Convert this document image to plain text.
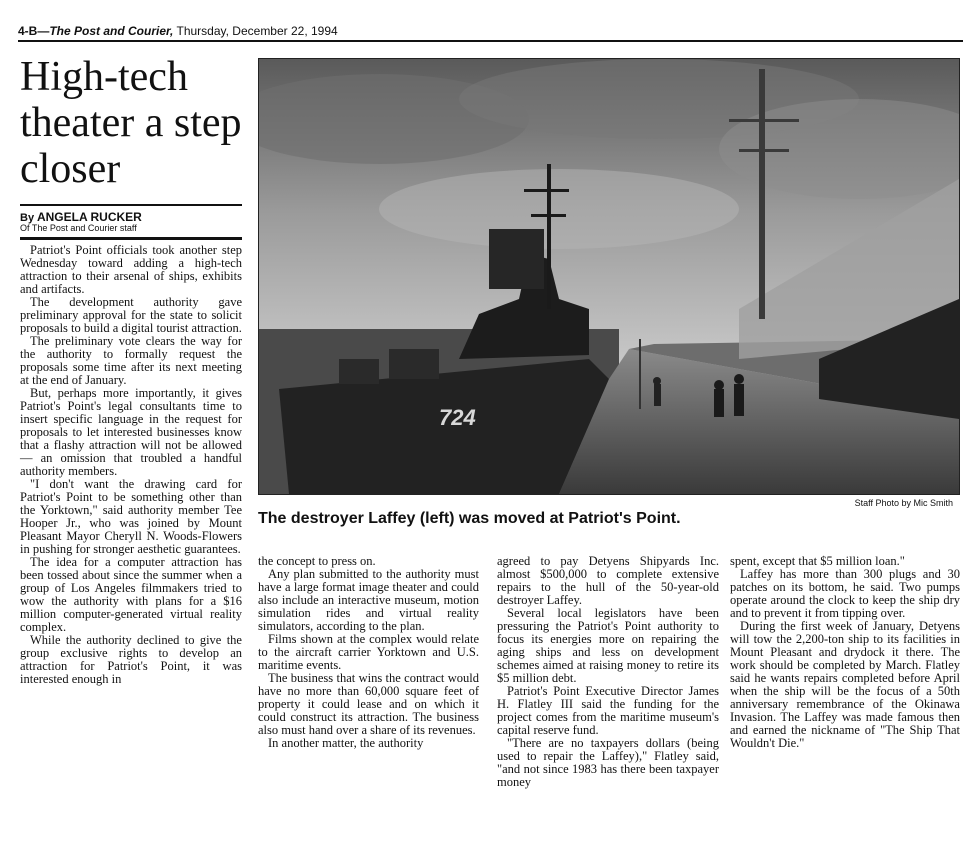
4-B—The Post and Courier, Thursday, December 22, 1994
High-tech theater a step closer
By ANGELA RUCKER
Of The Post and Courier staff

Patriot's Point officials took another step Wednesday toward adding a high-tech attraction to their arsenal of ships, exhibits and artifacts.

The development authority gave preliminary approval for the state to solicit proposals to build a digital tourist attraction.

The preliminary vote clears the way for the authority to formally request the proposals some time after its next meeting at the end of January.

But, perhaps more importantly, it gives Patriot's Point's legal consultants time to insert specific language in the request for proposals to let interested businesses know that a flashy attraction will not be allowed — an omission that troubled a handful authority members.

"I don't want the drawing card for Patriot's Point to be something other than the Yorktown," said authority member Tee Hooper Jr., who was joined by Mount Pleasant Mayor Cheryll N. Woods-Flowers in pushing for stronger aesthetic guarantees.

The idea for a computer attraction has been tossed about since the summer when a group of Los Angeles filmmakers tried to wow the authority with plans for a $16 million computer-generated virtual reality complex.

While the authority declined to give the group exclusive rights to develop an attraction for Patriot's Point, it was interested enough in

724
Staff Photo by Mic Smith
The destroyer Laffey (left) was moved at Patriot's Point.

the concept to press on.

Any plan submitted to the authority must have a large format image theater and could also include an interactive museum, motion simulation rides and virtual reality simulators, according to the plan.

Films shown at the complex would relate to the aircraft carrier Yorktown and U.S. maritime events.

The business that wins the contract would have no more than 60,000 square feet of property it could lease and on which it could construct its attraction. The business also must hand over a share of its revenues.

In another matter, the authority

agreed to pay Detyens Shipyards Inc. almost $500,000 to complete extensive repairs to the hull of the 50-year-old destroyer Laffey.

Several local legislators have been pressuring the Patriot's Point authority to focus its energies more on repairing the aging ships and less on development schemes aimed at raising money to retire its $5 million debt.

Patriot's Point Executive Director James H. Flatley III said the funding for the project comes from the maritime museum's capital reserve fund.

"There are no taxpayers dollars (being used to repair the Laffey)," Flatley said, "and not since 1983 has there been taxpayer money

spent, except that $5 million loan."

Laffey has more than 300 plugs and 30 patches on its bottom, he said. Two pumps operate around the clock to keep the ship dry and to prevent it from tipping over.

During the first week of January, Detyens will tow the 2,200-ton ship to its facilities in Mount Pleasant and drydock it there. The work should be completed by March. Flatley said he wants repairs completed before April when the ship will be the focus of a 50th anniversary remembrance of the Okinawa Invasion. The Laffey was made famous then and earned the nickname of "The Ship That Wouldn't Die."
